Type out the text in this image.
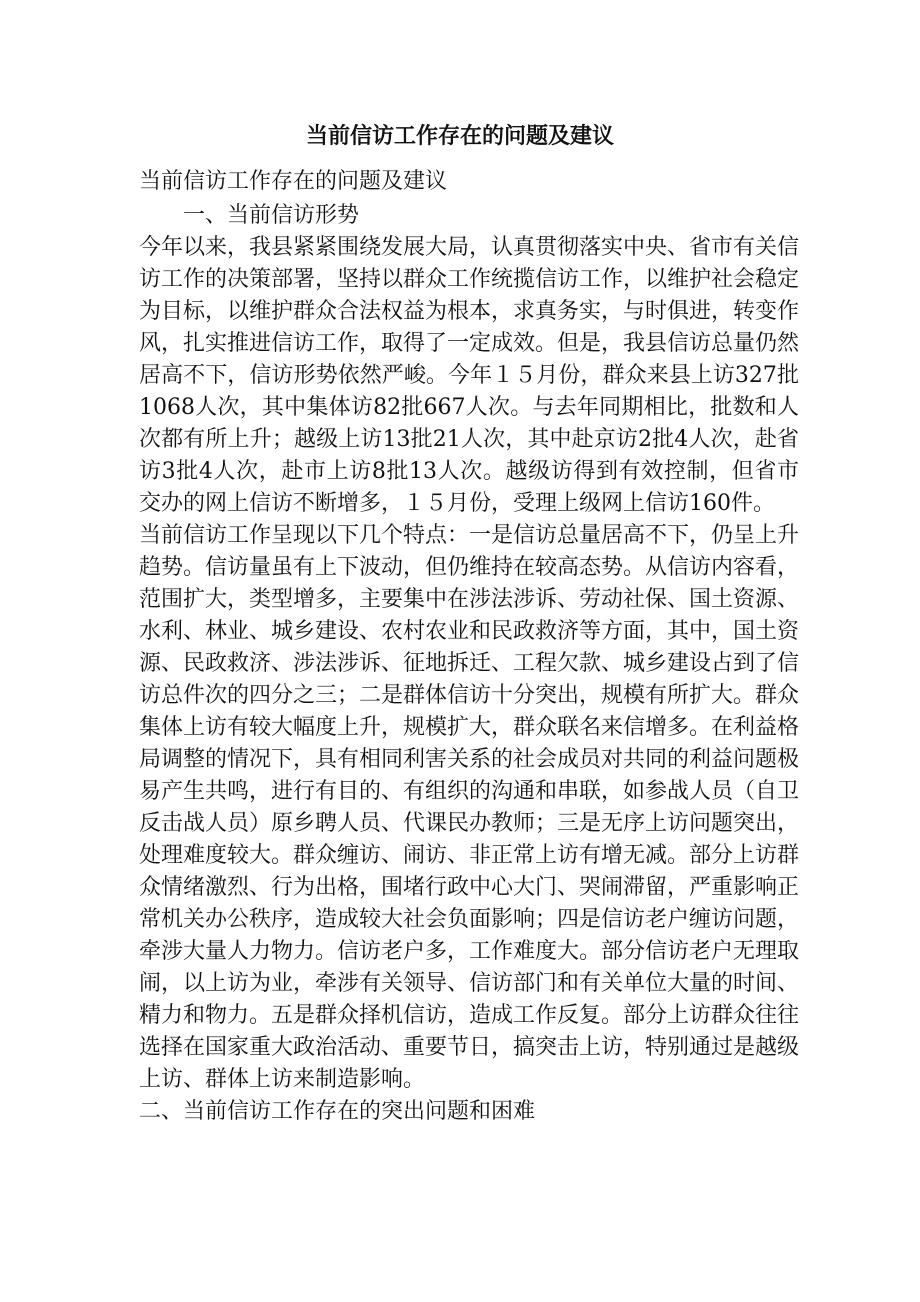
当前信访工作存在的问题及建议

当前信访工作存在的问题及建议

一、当前信访形势

今年以来，我县紧紧围绕发展大局，认真贯彻落实中央、省市有关信访工作的决策部署，坚持以群众工作统揽信访工作，以维护社会稳定为目标，以维护群众合法权益为根本，求真务实，与时俱进，转变作风，扎实推进信访工作，取得了一定成效。但是，我县信访总量仍然居高不下，信访形势依然严峻。今年１５月份，群众来县上访327批1068人次，其中集体访82批667人次。与去年同期相比，批数和人次都有所上升；越级上访13批21人次，其中赴京访2批4人次，赴省访3批4人次，赴市上访8批13人次。越级访得到有效控制，但省市交办的网上信访不断增多，１５月份，受理上级网上信访160件。

当前信访工作呈现以下几个特点：一是信访总量居高不下，仍呈上升趋势。信访量虽有上下波动，但仍维持在较高态势。从信访内容看，范围扩大，类型增多，主要集中在涉法涉诉、劳动社保、国土资源、水利、林业、城乡建设、农村农业和民政救济等方面，其中，国土资源、民政救济、涉法涉诉、征地拆迁、工程欠款、城乡建设占到了信访总件次的四分之三；二是群体信访十分突出，规模有所扩大。群众集体上访有较大幅度上升，规模扩大，群众联名来信增多。在利益格局调整的情况下，具有相同利害关系的社会成员对共同的利益问题极易产生共鸣，进行有目的、有组织的沟通和串联，如参战人员（自卫反击战人员）原乡聘人员、代课民办教师；三是无序上访问题突出，处理难度较大。群众缠访、闹访、非正常上访有增无减。部分上访群众情绪激烈、行为出格，围堵行政中心大门、哭闹滞留，严重影响正常机关办公秩序，造成较大社会负面影响；四是信访老户缠访问题，牵涉大量人力物力。信访老户多，工作难度大。部分信访老户无理取闹，以上访为业，牵涉有关领导、信访部门和有关单位大量的时间、精力和物力。五是群众择机信访，造成工作反复。部分上访群众往往选择在国家重大政治活动、重要节日，搞突击上访，特别通过是越级上访、群体上访来制造影响。

二、当前信访工作存在的突出问题和困难
